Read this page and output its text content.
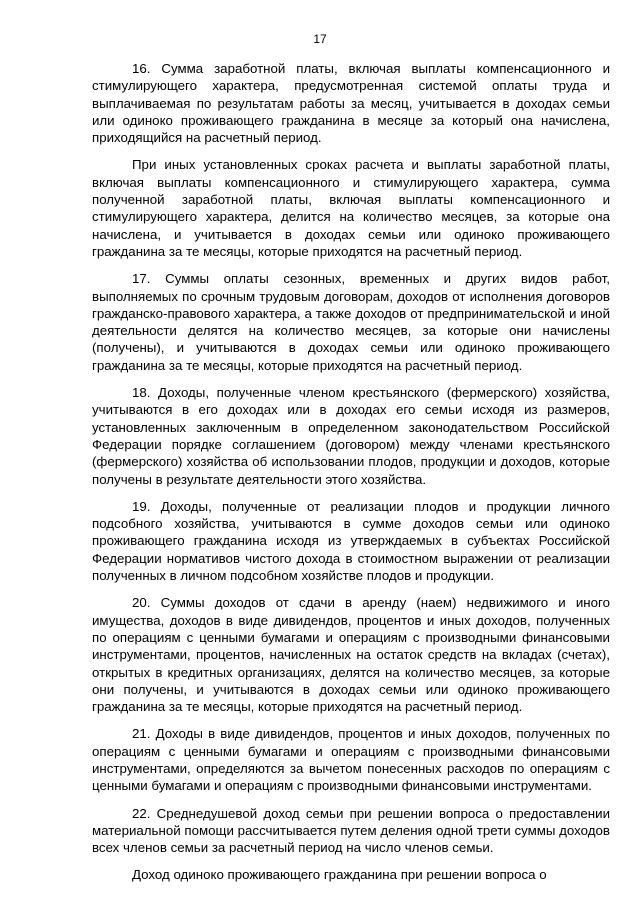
17

16. Сумма заработной платы, включая выплаты компенсационного и стимулирующего характера, предусмотренная системой оплаты труда и выплачиваемая по результатам работы за месяц, учитывается в доходах семьи или одиноко проживающего гражданина в месяце за который она начислена, приходящийся на расчетный период.

При иных установленных сроках расчета и выплаты заработной платы, включая выплаты компенсационного и стимулирующего характера, сумма полученной заработной платы, включая выплаты компенсационного и стимулирующего характера, делится на количество месяцев, за которые она начислена, и учитывается в доходах семьи или одиноко проживающего гражданина за те месяцы, которые приходятся на расчетный период.

17. Суммы оплаты сезонных, временных и других видов работ, выполняемых по срочным трудовым договорам, доходов от исполнения договоров гражданско-правового характера, а также доходов от предпринимательской и иной деятельности делятся на количество месяцев, за которые они начислены (получены), и учитываются в доходах семьи или одиноко проживающего гражданина за те месяцы, которые приходятся на расчетный период.

18. Доходы, полученные членом крестьянского (фермерского) хозяйства, учитываются в его доходах или в доходах его семьи исходя из размеров, установленных заключенным в определенном законодательством Российской Федерации порядке соглашением (договором) между членами крестьянского (фермерского) хозяйства об использовании плодов, продукции и доходов, которые получены в результате деятельности этого хозяйства.

19. Доходы, полученные от реализации плодов и продукции личного подсобного хозяйства, учитываются в сумме доходов семьи или одиноко проживающего гражданина исходя из утверждаемых в субъектах Российской Федерации нормативов чистого дохода в стоимостном выражении от реализации полученных в личном подсобном хозяйстве плодов и продукции.

20. Суммы доходов от сдачи в аренду (наем) недвижимого и иного имущества, доходов в виде дивидендов, процентов и иных доходов, полученных по операциям с ценными бумагами и операциям с производными финансовыми инструментами, процентов, начисленных на остаток средств на вкладах (счетах), открытых в кредитных организациях, делятся на количество месяцев, за которые они получены, и учитываются в доходах семьи или одиноко проживающего гражданина за те месяцы, которые приходятся на расчетный период.

21. Доходы в виде дивидендов, процентов и иных доходов, полученных по операциям с ценными бумагами и операциям с производными финансовыми инструментами, определяются за вычетом понесенных расходов по операциям с ценными бумагами и операциям с производными финансовыми инструментами.

22. Среднедушевой доход семьи при решении вопроса о предоставлении материальной помощи рассчитывается путем деления одной трети суммы доходов всех членов семьи за расчетный период на число членов семьи.

Доход одиноко проживающего гражданина при решении вопроса о
